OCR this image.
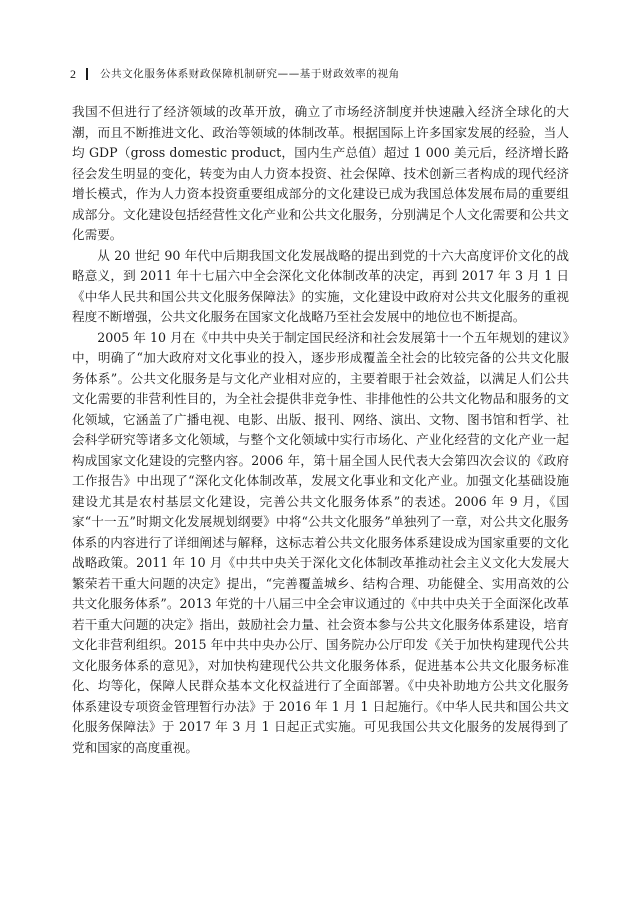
2 公共文化服务体系财政保障机制研究——基于财政效率的视角

我国不但进行了经济领域的改革开放，确立了市场经济制度并快速融入经济全球化的大潮，而且不断推进文化、政治等领域的体制改革。根据国际上许多国家发展的经验，当人均 GDP（gross domestic product，国内生产总值）超过 1 000 美元后，经济增长路径会发生明显的变化，转变为由人力资本投资、社会保障、技术创新三者构成的现代经济增长模式，作为人力资本投资重要组成部分的文化建设已成为我国总体发展布局的重要组成部分。文化建设包括经营性文化产业和公共文化服务，分别满足个人文化需要和公共文化需要。

从 20 世纪 90 年代中后期我国文化发展战略的提出到党的十六大高度评价文化的战略意义，到 2011 年十七届六中全会深化文化体制改革的决定，再到 2017 年 3 月 1 日《中华人民共和国公共文化服务保障法》的实施，文化建设中政府对公共文化服务的重视程度不断增强，公共文化服务在国家文化战略乃至社会发展中的地位也不断提高。

2005 年 10 月在《中共中央关于制定国民经济和社会发展第十一个五年规划的建议》中，明确了“加大政府对文化事业的投入，逐步形成覆盖全社会的比较完备的公共文化服务体系”。公共文化服务是与文化产业相对应的，主要着眼于社会效益，以满足人们公共文化需要的非营利性目的，为全社会提供非竞争性、非排他性的公共文化物品和服务的文化领域，它涵盖了广播电视、电影、出版、报刊、网络、演出、文物、图书馆和哲学、社会科学研究等诸多文化领域，与整个文化领域中实行市场化、产业化经营的文化产业一起构成国家文化建设的完整内容。2006 年，第十届全国人民代表大会第四次会议的《政府工作报告》中出现了“深化文化体制改革，发展文化事业和文化产业。加强文化基础设施建设尤其是农村基层文化建设，完善公共文化服务体系”的表述。2006 年 9 月，《国家“十一五”时期文化发展规划纲要》中将“公共文化服务”单独列了一章，对公共文化服务体系的内容进行了详细阐述与解释，这标志着公共文化服务体系建设成为国家重要的文化战略政策。2011 年 10 月《中共中央关于深化文化体制改革推动社会主义文化大发展大繁荣若干重大问题的决定》提出，“完善覆盖城乡、结构合理、功能健全、实用高效的公共文化服务体系”。2013 年党的十八届三中全会审议通过的《中共中央关于全面深化改革若干重大问题的决定》指出，鼓励社会力量、社会资本参与公共文化服务体系建设，培育文化非营利组织。2015 年中共中央办公厅、国务院办公厅印发《关于加快构建现代公共文化服务体系的意见》，对加快构建现代公共文化服务体系，促进基本公共文化服务标准化、均等化，保障人民群众基本文化权益进行了全面部署。《中央补助地方公共文化服务体系建设专项资金管理暂行办法》于 2016 年 1 月 1 日起施行。《中华人民共和国公共文化服务保障法》于 2017 年 3 月 1 日起正式实施。可见我国公共文化服务的发展得到了党和国家的高度重视。
